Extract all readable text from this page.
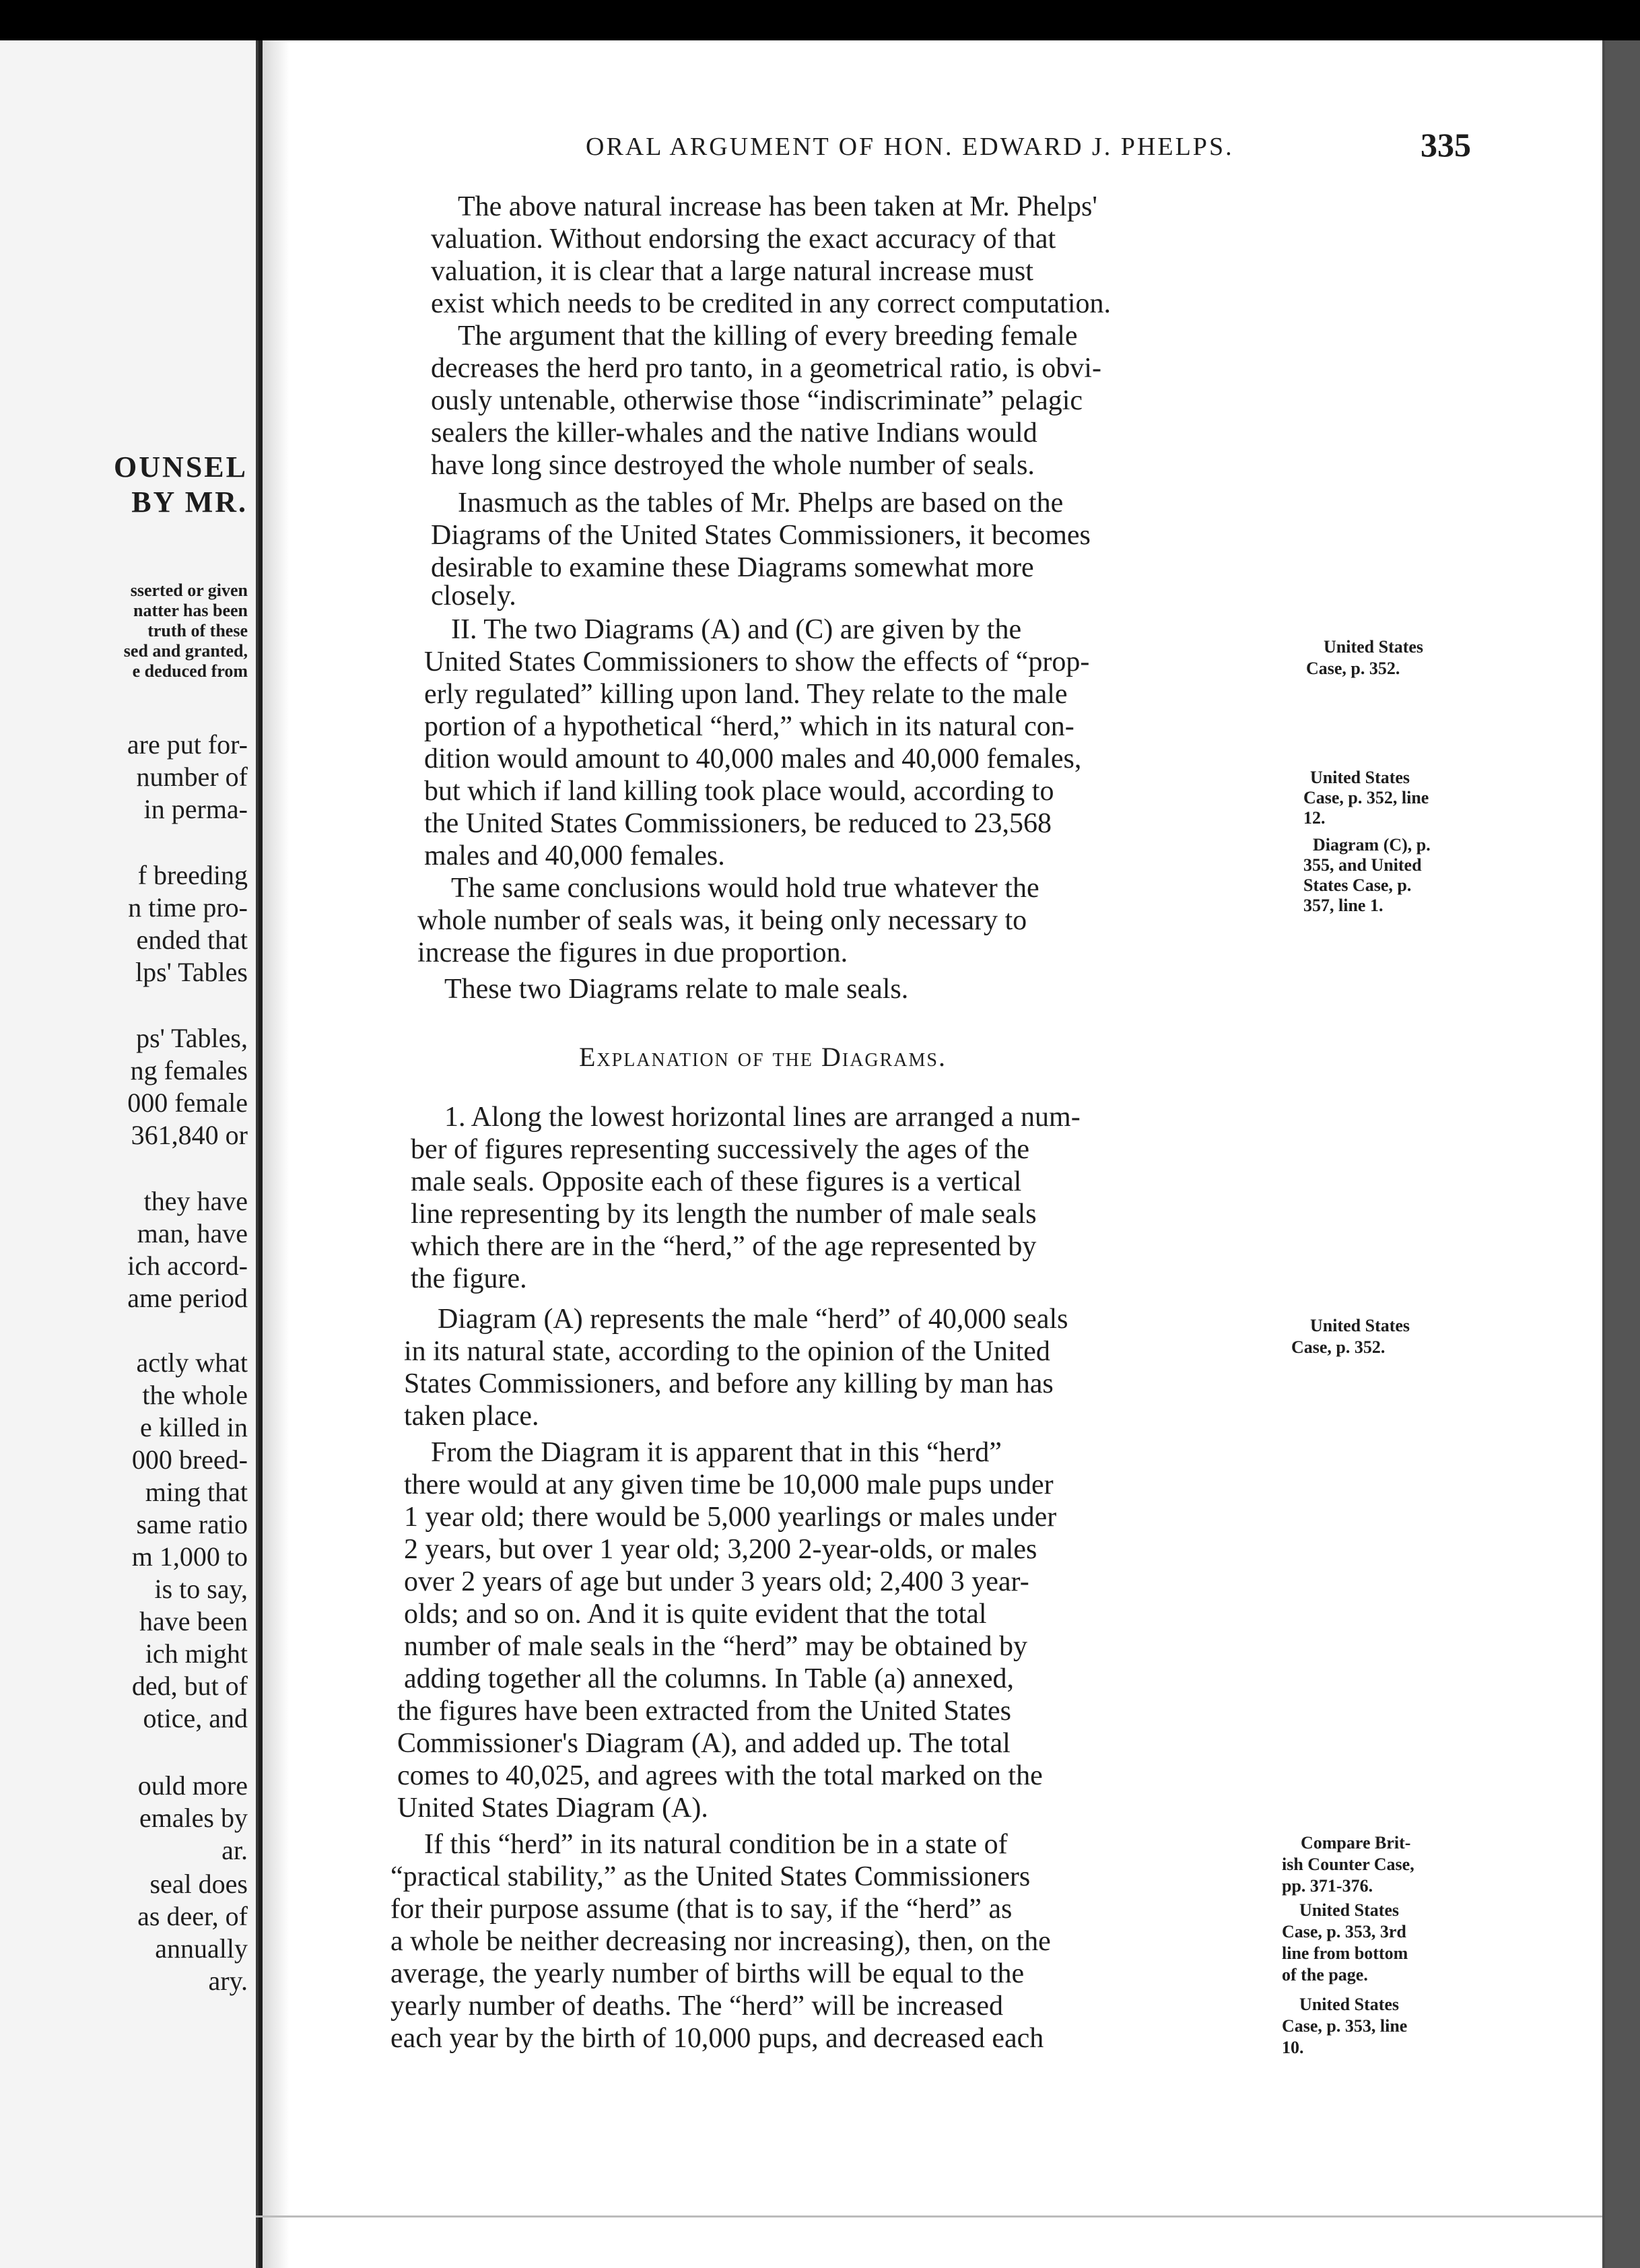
OUNSEL
BY MR.
sserted or given
natter has been
truth of these
sed and granted,
e deduced from
are put for-
number of
in perma-
f breeding
n time pro-
ended that
lps' Tables
ps' Tables,
ng females
000 female
361,840 or
they have
man, have
ich accord-
ame period
actly what
the whole
e killed in
000 breed-
ming that
same ratio
m 1,000 to
is to say,
have been
ich might
ded, but of
otice, and
ould more
emales by
ar.
seal does
as deer, of
annually
ary.
ORAL ARGUMENT OF HON. EDWARD J. PHELPS.	335
The above natural increase has been taken at Mr. Phelps'
valuation. Without endorsing the exact accuracy of that
valuation, it is clear that a large natural increase must
exist which needs to be credited in any correct computation.
The argument that the killing of every breeding female
decreases the herd pro tanto, in a geometrical ratio, is obvi-
ously untenable, otherwise those “indiscriminate” pelagic
sealers the killer-whales and the native Indians would
have long since destroyed the whole number of seals.
Inasmuch as the tables of Mr. Phelps are based on the
Diagrams of the United States Commissioners, it becomes
desirable to examine these Diagrams somewhat more
closely.
II. The two Diagrams (A) and (C) are given by the
United States Commissioners to show the effects of “prop-
erly regulated” killing upon land. They relate to the male
portion of a hypothetical “herd,” which in its natural con-
dition would amount to 40,000 males and 40,000 females,
but which if land killing took place would, according to
the United States Commissioners, be reduced to 23,568
males and 40,000 females.
The same conclusions would hold true whatever the
whole number of seals was, it being only necessary to
increase the figures in due proportion.
These two Diagrams relate to male seals.
1. Along the lowest horizontal lines are arranged a num-
ber of figures representing successively the ages of the
male seals. Opposite each of these figures is a vertical
line representing by its length the number of male seals
which there are in the “herd,” of the age represented by
the figure.
Diagram (A) represents the male “herd” of 40,000 seals
in its natural state, according to the opinion of the United
States Commissioners, and before any killing by man has
taken place.
From the Diagram it is apparent that in this “herd”
there would at any given time be 10,000 male pups under
1 year old; there would be 5,000 yearlings or males under
2 years, but over 1 year old; 3,200 2-year-olds, or males
over 2 years of age but under 3 years old; 2,400 3 year-
olds; and so on. And it is quite evident that the total
number of male seals in the “herd” may be obtained by
adding together all the columns. In Table (a) annexed,
the figures have been extracted from the United States
Commissioner's Diagram (A), and added up. The total
comes to 40,025, and agrees with the total marked on the
United States Diagram (A).
If this “herd” in its natural condition be in a state of
“practical stability,” as the United States Commissioners
for their purpose assume (that is to say, if the “herd” as
a whole be neither decreasing nor increasing), then, on the
average, the yearly number of births will be equal to the
yearly number of deaths. The “herd” will be increased
each year by the birth of 10,000 pups, and decreased each
Explanation of the Diagrams.
United States
Case, p. 352.
United States
Case, p. 352, line
12.
Diagram (C), p.
355, and United
States Case, p.
357, line 1.
United States
Case, p. 352.
Compare Brit-
ish Counter Case,
pp. 371-376.
United States
Case, p. 353, 3rd
line from bottom
of the page.
United States
Case, p. 353, line
10.
